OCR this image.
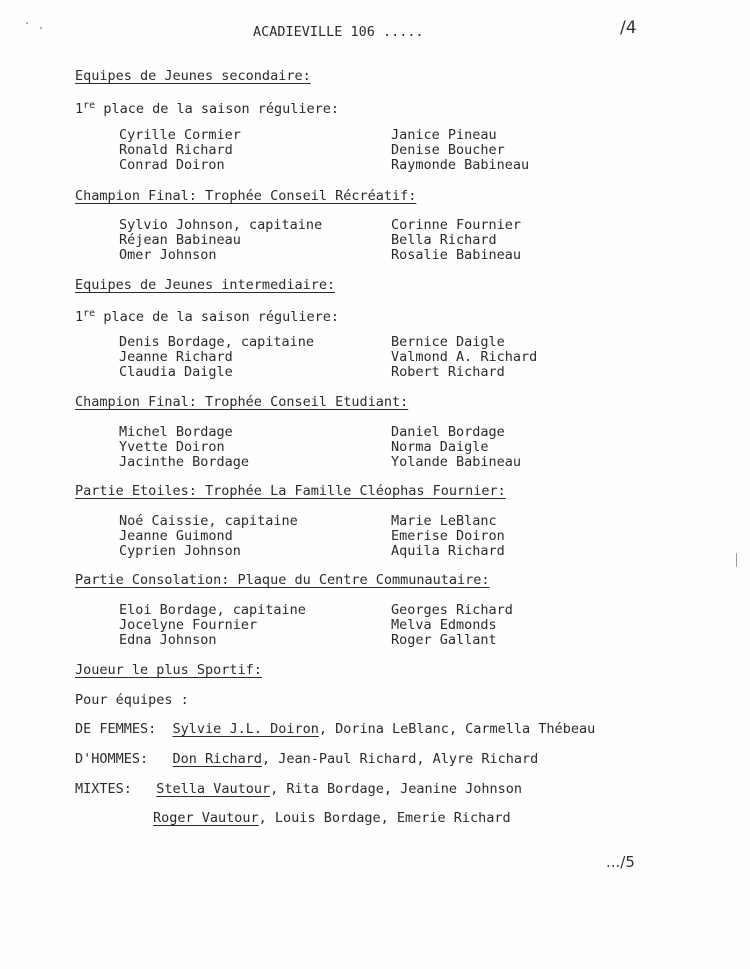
ACADIEVILLE 106 .....	/4
Equipes de Jeunes secondaire:
1re place de la saison réguliere:
Cyrille Cormier
Ronald Richard
Conrad Doiron
Janice Pineau
Denise Boucher
Raymonde Babineau
Champion Final: Trophée Conseil Récréatif:
Sylvio Johnson, capitaine
Réjean Babineau
Omer Johnson
Corinne Fournier
Bella Richard
Rosalie Babineau
Equipes de Jeunes intermediaire:
1re place de la saison réguliere:
Denis Bordage, capitaine
Jeanne Richard
Claudia Daigle
Bernice Daigle
Valmond A. Richard
Robert Richard
Champion Final: Trophée Conseil Etudiant:
Michel Bordage
Yvette Doiron
Jacinthe Bordage
Daniel Bordage
Norma Daigle
Yolande Babineau
Partie Etoiles: Trophée La Famille Cléophas Fournier:
Noé Caissie, capitaine
Jeanne Guimond
Cyprien Johnson
Marie LeBlanc
Emerise Doiron
Aquila Richard
Partie Consolation: Plaque du Centre Communautaire:
Eloi Bordage, capitaine
Jocelyne Fournier
Edna Johnson
Georges Richard
Melva Edmonds
Roger Gallant
Joueur le plus Sportif:
Pour équipes :
DE FEMMES: Sylvie J.L. Doiron, Dorina LeBlanc, Carmella Thébeau
D'HOMMES: Don Richard, Jean-Paul Richard, Alyre Richard
MIXTES: Stella Vautour, Rita Bordage, Jeanine Johnson
Roger Vautour, Louis Bordage, Emerie Richard
.../5
